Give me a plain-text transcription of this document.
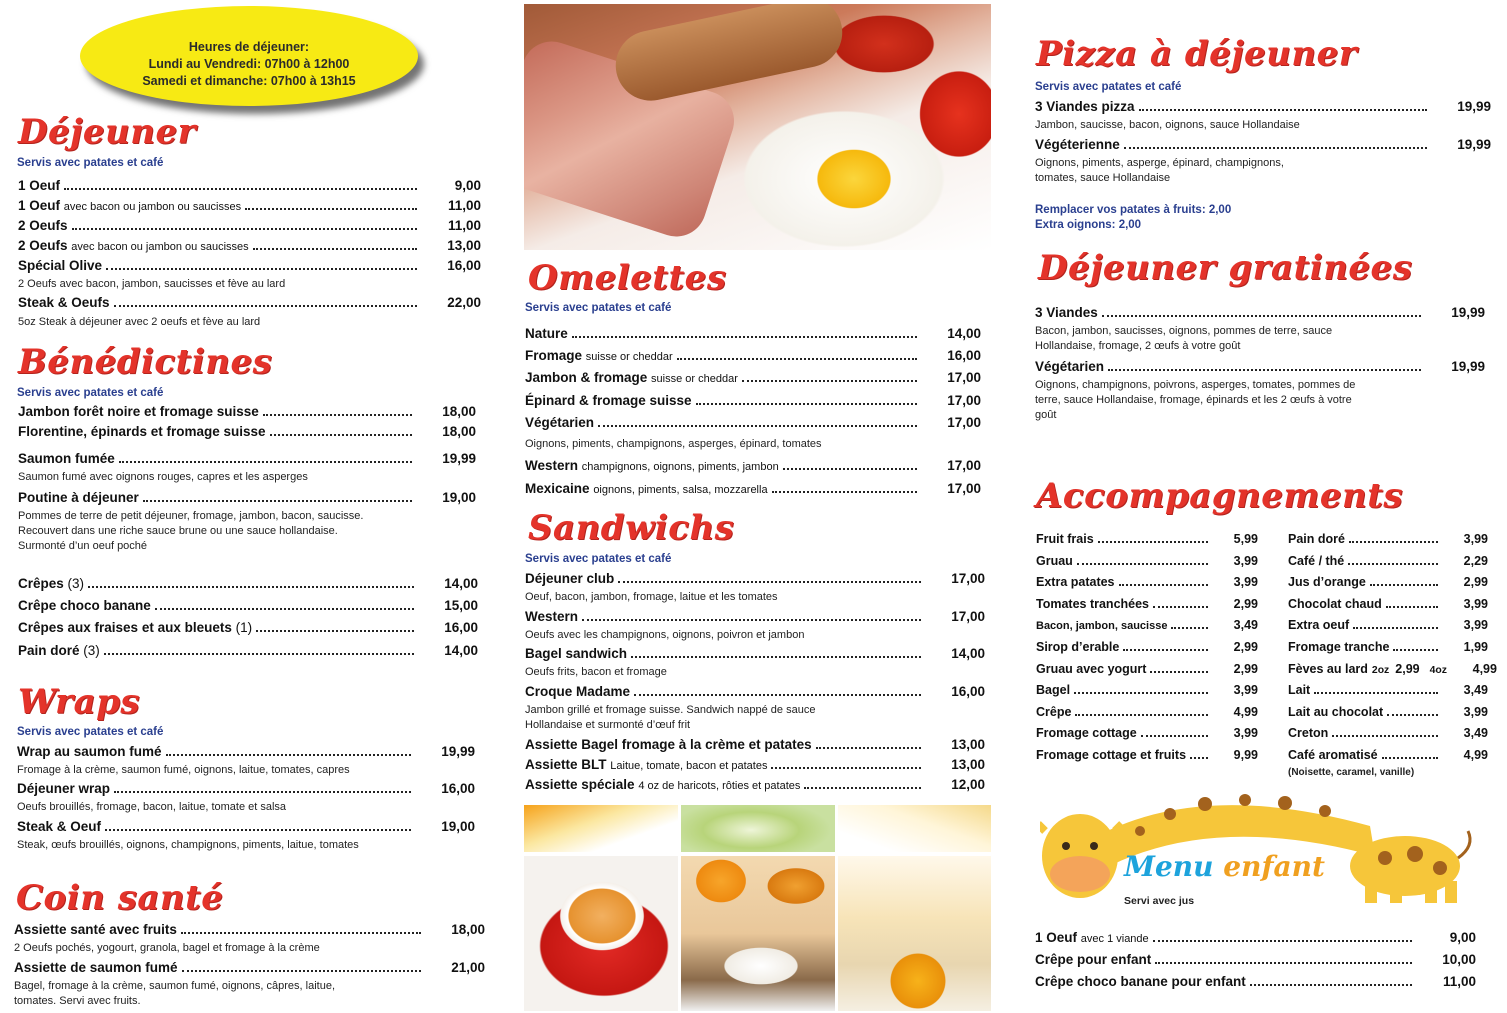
Heures de déjeuner:
Lundi au Vendredi: 07h00 à 12h00
Samedi et dimanche: 07h00 à 13h15
Déjeuner
Servis avec patates et café
1 Oeuf	9,00
1 Oeuf avec bacon ou jambon ou saucisses	11,00
2 Oeufs	11,00
2 Oeufs avec bacon ou jambon ou saucisses	13,00
Spécial Olive	16,00
2 Oeufs avec bacon, jambon, saucisses et fève au lard
Steak & Oeufs	22,00
5oz Steak à déjeuner avec 2 oeufs et fève au lard
Bénédictines
Servis avec patates et café
Jambon forêt noire et fromage suisse	18,00
Florentine, épinards et fromage suisse	18,00
Saumon fumée	19,99
Saumon fumé avec oignons rouges, capres et les asperges
Poutine à déjeuner	19,00
Pommes de terre de petit déjeuner, fromage, jambon, bacon, saucisse. Recouvert dans une riche sauce brune ou une sauce hollandaise. Surmonté d’un oeuf poché
Crêpes (3)	14,00
Crêpe choco banane	15,00
Crêpes aux fraises et aux bleuets (1)	16,00
Pain doré (3)	14,00
Wraps
Servis avec patates et café
Wrap au saumon fumé	19,99
Fromage à la crème, saumon fumé, oignons, laitue, tomates, capres
Déjeuner wrap	16,00
Oeufs brouillés, fromage, bacon, laitue, tomate et salsa
Steak & Oeuf	19,00
Steak, œufs brouillés, oignons, champignons, piments, laitue, tomates
Coin santé
Assiette santé avec fruits	18,00
2 Oeufs pochés, yogourt, granola, bagel et fromage à la crème
Assiette de saumon fumé	21,00
Bagel, fromage à la crème, saumon fumé, oignons, câpres, laitue, tomates. Servi avec fruits.
Omelettes
Servis avec patates et café
Nature	14,00
Fromage suisse or cheddar	16,00
Jambon & fromage suisse or cheddar	17,00
Épinard & fromage suisse	17,00
Végétarien	17,00
Oignons, piments, champignons, asperges, épinard, tomates
Western champignons, oignons, piments, jambon	17,00
Mexicaine oignons, piments, salsa, mozzarella	17,00
Sandwichs
Servis avec patates et café
Déjeuner club	17,00
Oeuf, bacon, jambon, fromage, laitue et les tomates
Western	17,00
Oeufs avec les champignons, oignons, poivron et jambon
Bagel sandwich	14,00
Oeufs frits, bacon et fromage
Croque Madame	16,00
Jambon grillé et fromage suisse. Sandwich nappé de sauce Hollandaise et surmonté d’œuf frit
Assiette Bagel fromage à la crème et patates	13,00
Assiette BLT Laitue, tomate, bacon et patates	13,00
Assiette spéciale 4 oz de haricots, rôties et patates	12,00
Pizza à déjeuner
Servis avec patates et café
3 Viandes pizza	19,99
Jambon, saucisse, bacon, oignons, sauce Hollandaise
Végéterienne	19,99
Oignons, piments, asperge, épinard, champignons, tomates, sauce Hollandaise
Remplacer vos patates à fruits: 2,00
Extra oignons: 2,00
Déjeuner gratinées
3 Viandes	19,99
Bacon, jambon, saucisses, oignons, pommes de terre, sauce Hollandaise, fromage, 2 œufs à votre goût
Végétarien	19,99
Oignons, champignons, poivrons, asperges, tomates, pommes de terre, sauce Hollandaise, fromage, épinards et les 2 œufs à votre goût
Accompagnements
Menu enfant
Servi avec jus
1 Oeuf avec 1 viande	9,00
Crêpe pour enfant	10,00
Crêpe choco banane pour enfant	11,00
Fruit frais	5,99
Gruau	3,99
Extra patates	3,99
Tomates tranchées	2,99
Bacon, jambon, saucisse	3,49
Sirop d’erable	2,99
Gruau avec yogurt	2,99
Bagel	3,99
Crêpe	4,99
Fromage cottage	3,99
Fromage cottage et fruits	9,99
Pain doré	3,99
Café / thé	2,29
Jus d’orange	2,99
Chocolat chaud	3,99
Extra oeuf	3,99
Fromage tranche	1,99
Fèves au lard 2oz 2,99 4oz	4,99
Lait	3,49
Lait au chocolat	3,99
Creton	3,49
Café aromatisé	4,99
(Noisette, caramel, vanille)
